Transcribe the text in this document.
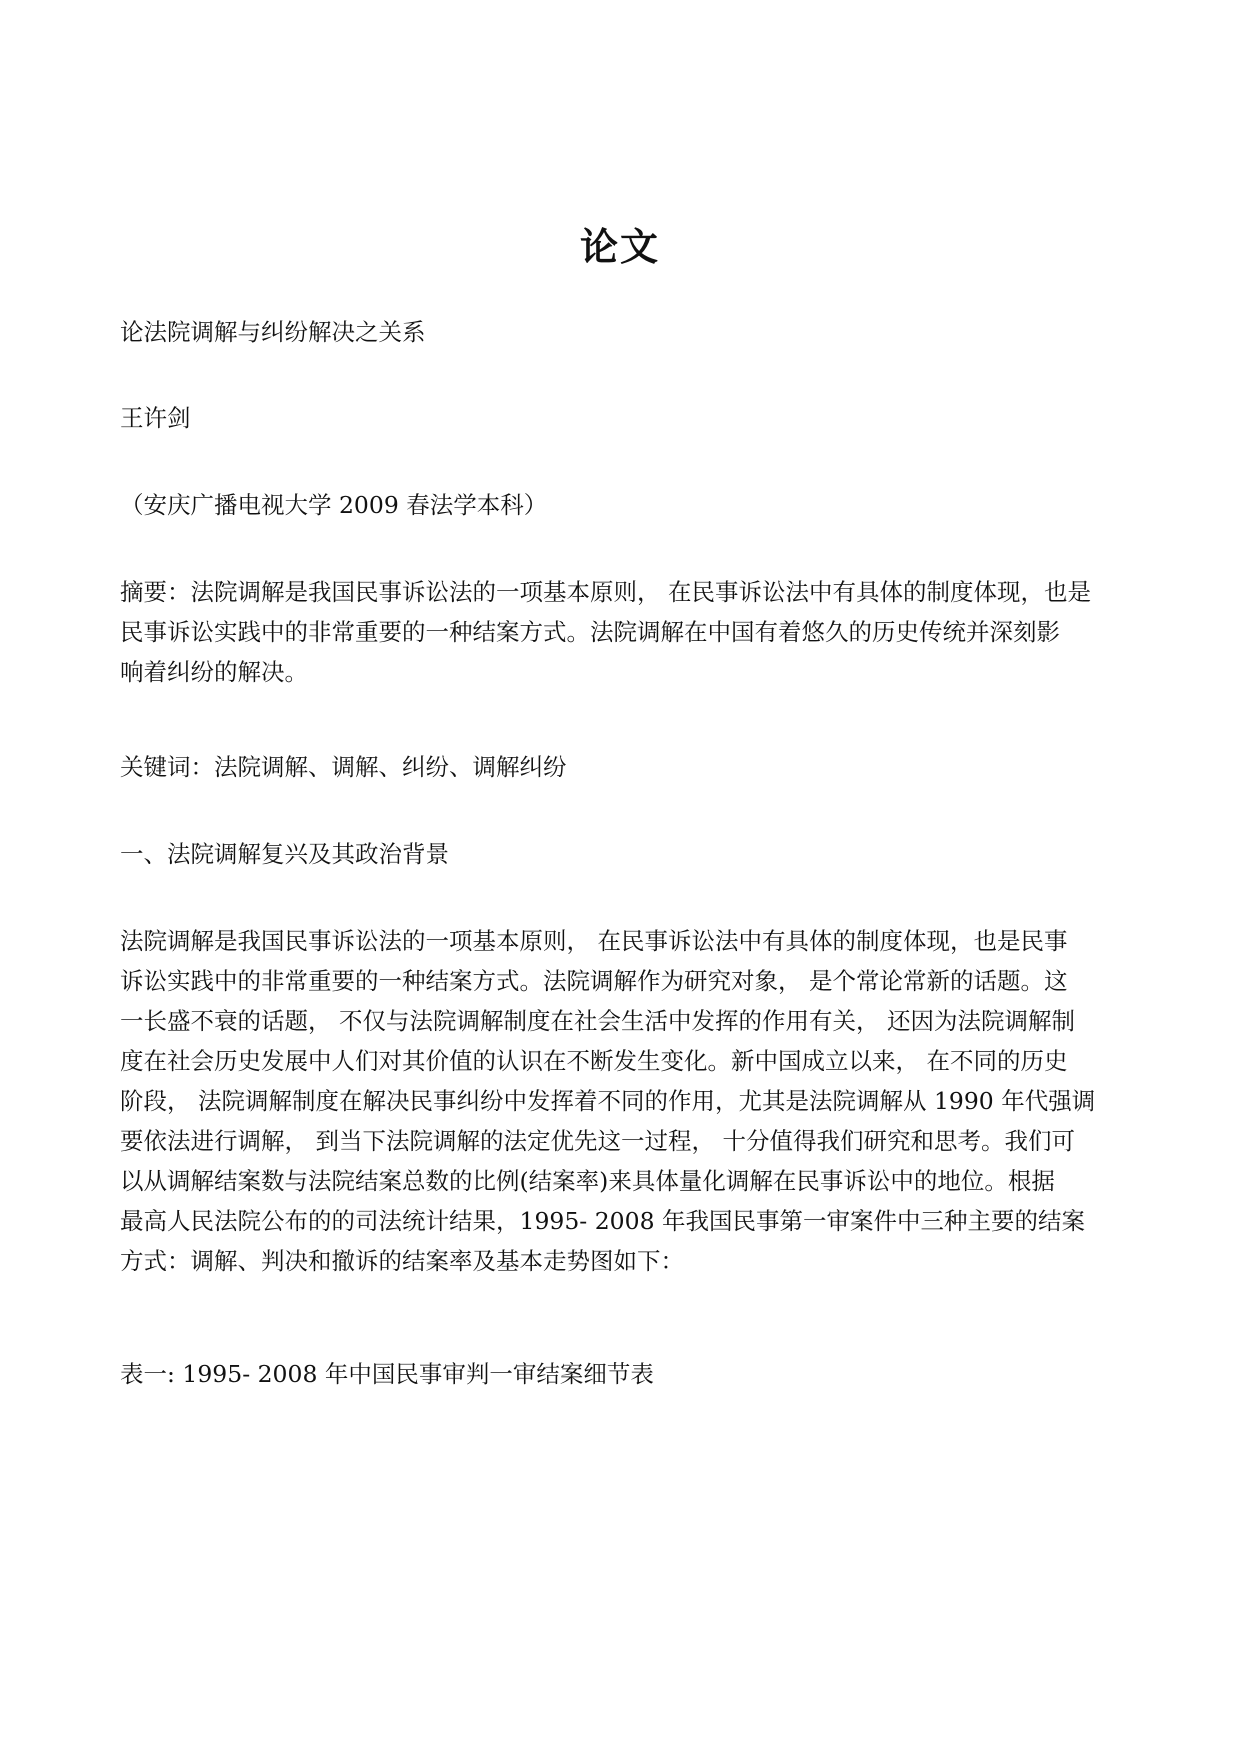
论文
论法院调解与纠纷解决之关系
王许剑
（安庆广播电视大学 2009 春法学本科）
摘要：法院调解是我国民事诉讼法的一项基本原则， 在民事诉讼法中有具体的制度体现，也是
民事诉讼实践中的非常重要的一种结案方式。法院调解在中国有着悠久的历史传统并深刻影
响着纠纷的解决。
关键词：法院调解、调解、纠纷、调解纠纷
一、法院调解复兴及其政治背景
法院调解是我国民事诉讼法的一项基本原则， 在民事诉讼法中有具体的制度体现，也是民事
诉讼实践中的非常重要的一种结案方式。法院调解作为研究对象， 是个常论常新的话题。这
一长盛不衰的话题， 不仅与法院调解制度在社会生活中发挥的作用有关， 还因为法院调解制
度在社会历史发展中人们对其价值的认识在不断发生变化。新中国成立以来， 在不同的历史
阶段， 法院调解制度在解决民事纠纷中发挥着不同的作用，尤其是法院调解从 1990 年代强调
要依法进行调解， 到当下法院调解的法定优先这一过程， 十分值得我们研究和思考。我们可
以从调解结案数与法院结案总数的比例(结案率)来具体量化调解在民事诉讼中的地位。根据
最高人民法院公布的的司法统计结果，1995- 2008 年我国民事第一审案件中三种主要的结案
方式：调解、判决和撤诉的结案率及基本走势图如下：
表一: 1995- 2008 年中国民事审判一审结案细节表
